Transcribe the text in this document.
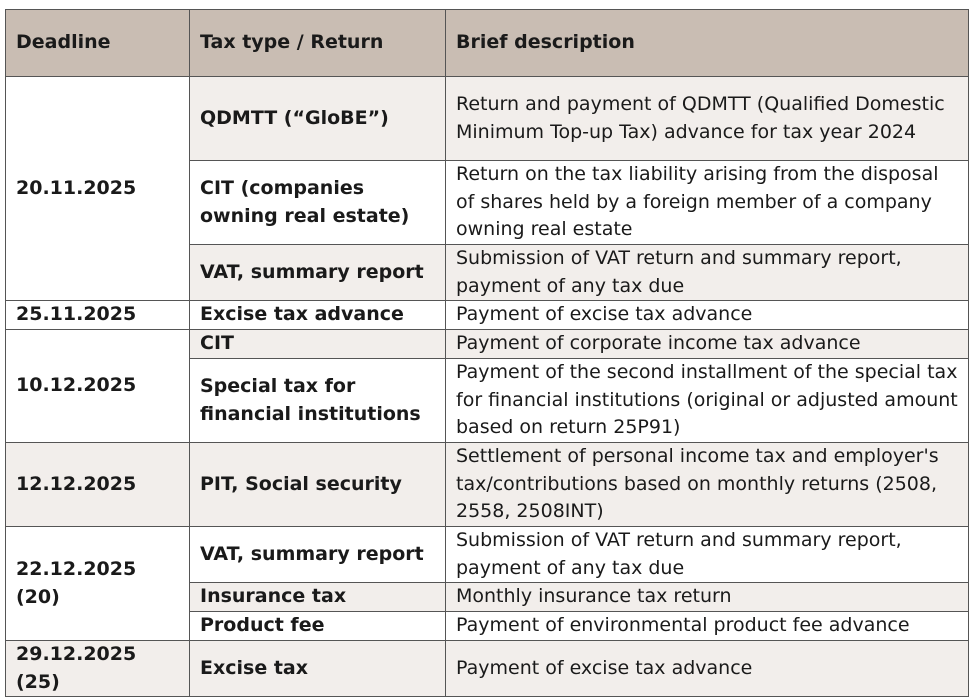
Deadline	Tax type / Return	Brief description
20.11.2025	QDMTT (“GloBE”)	Return and payment of QDMTT (Qualified Domestic Minimum Top-up Tax) advance for tax year 2024
	CIT (companies owning real estate)	Return on the tax liability arising from the disposal of shares held by a foreign member of a company owning real estate
	VAT, summary report	Submission of VAT return and summary report, payment of any tax due
25.11.2025	Excise tax advance	Payment of excise tax advance
10.12.2025	CIT	Payment of corporate income tax advance
	Special tax for financial institutions	Payment of the second installment of the special tax for financial institutions (original or adjusted amount based on return 25P91)
12.12.2025	PIT, Social security	Settlement of personal income tax and employer's tax/contributions based on monthly returns (2508, 2558, 2508INT)
22.12.2025 (20)	VAT, summary report	Submission of VAT return and summary report, payment of any tax due
	Insurance tax	Monthly insurance tax return
	Product fee	Payment of environmental product fee advance
29.12.2025 (25)	Excise tax	Payment of excise tax advance
